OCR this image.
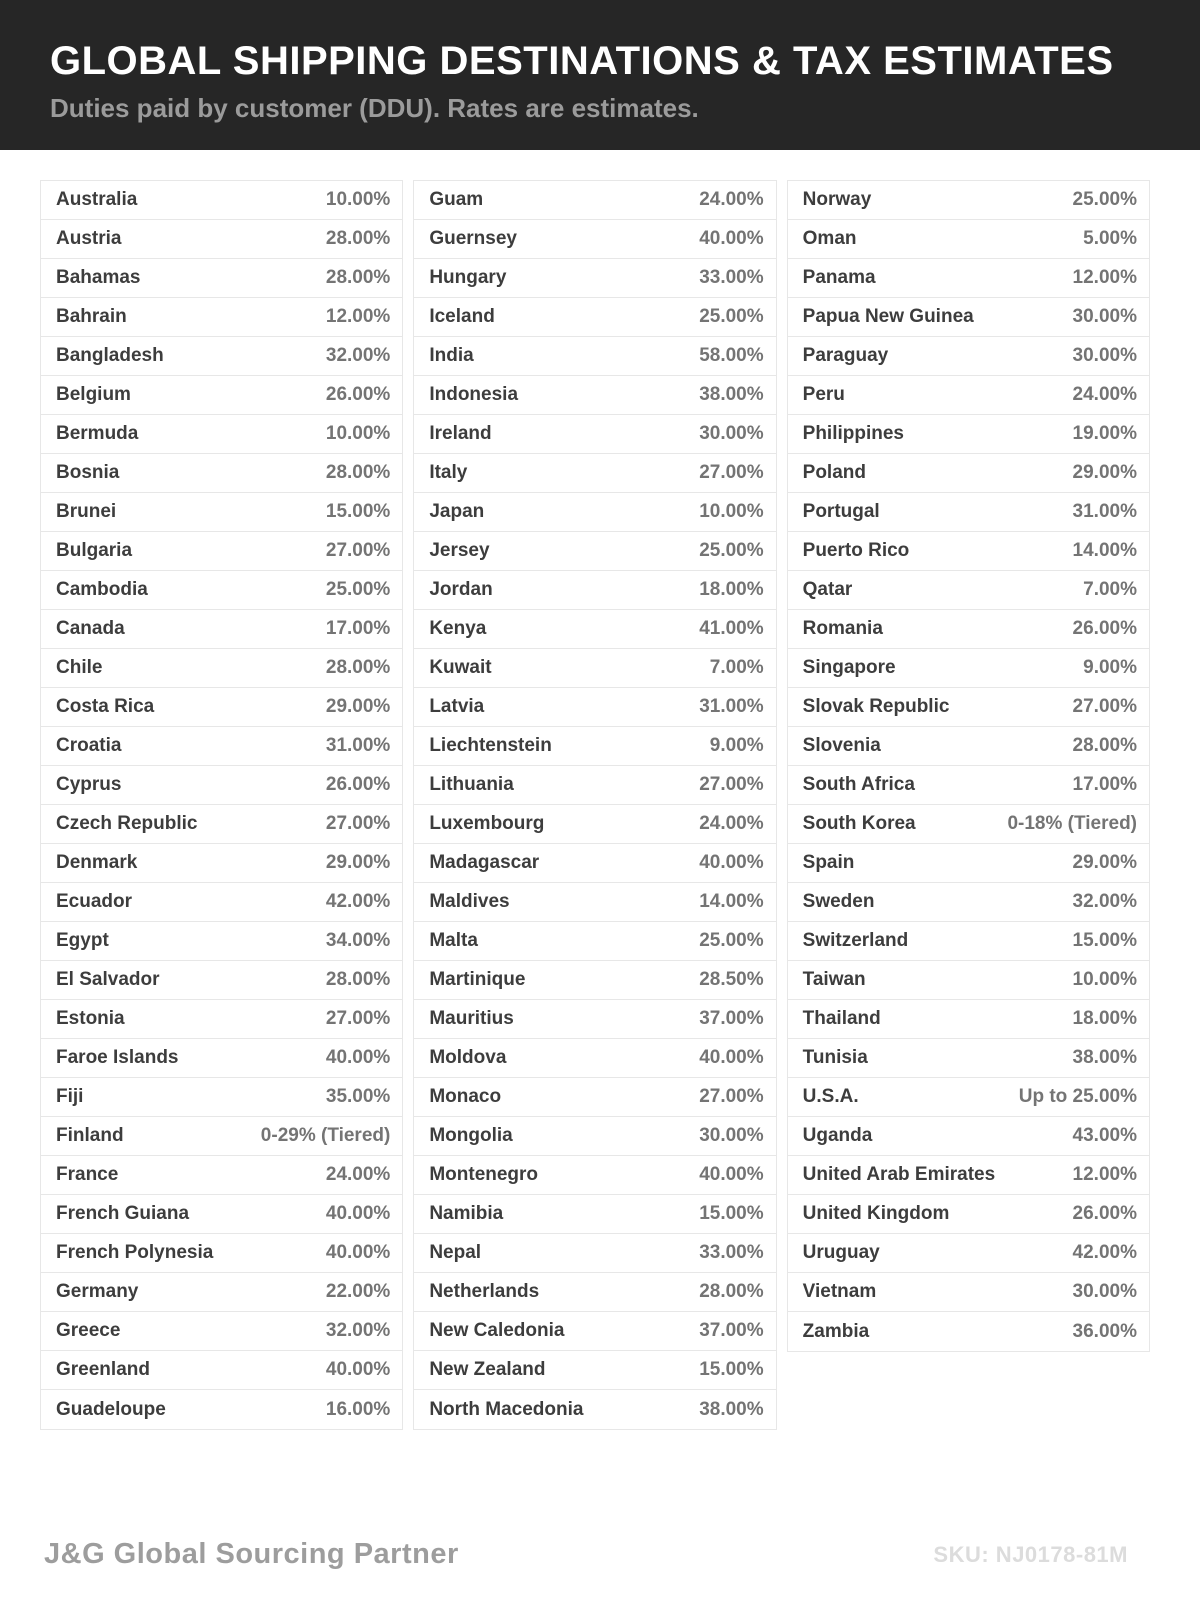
GLOBAL SHIPPING DESTINATIONS & TAX ESTIMATES
Duties paid by customer (DDU). Rates are estimates.
Australia	10.00%
Austria	28.00%
Bahamas	28.00%
Bahrain	12.00%
Bangladesh	32.00%
Belgium	26.00%
Bermuda	10.00%
Bosnia	28.00%
Brunei	15.00%
Bulgaria	27.00%
Cambodia	25.00%
Canada	17.00%
Chile	28.00%
Costa Rica	29.00%
Croatia	31.00%
Cyprus	26.00%
Czech Republic	27.00%
Denmark	29.00%
Ecuador	42.00%
Egypt	34.00%
El Salvador	28.00%
Estonia	27.00%
Faroe Islands	40.00%
Fiji	35.00%
Finland	0-29% (Tiered)
France	24.00%
French Guiana	40.00%
French Polynesia	40.00%
Germany	22.00%
Greece	32.00%
Greenland	40.00%
Guadeloupe	16.00%
Guam	24.00%
Guernsey	40.00%
Hungary	33.00%
Iceland	25.00%
India	58.00%
Indonesia	38.00%
Ireland	30.00%
Italy	27.00%
Japan	10.00%
Jersey	25.00%
Jordan	18.00%
Kenya	41.00%
Kuwait	7.00%
Latvia	31.00%
Liechtenstein	9.00%
Lithuania	27.00%
Luxembourg	24.00%
Madagascar	40.00%
Maldives	14.00%
Malta	25.00%
Martinique	28.50%
Mauritius	37.00%
Moldova	40.00%
Monaco	27.00%
Mongolia	30.00%
Montenegro	40.00%
Namibia	15.00%
Nepal	33.00%
Netherlands	28.00%
New Caledonia	37.00%
New Zealand	15.00%
North Macedonia	38.00%
Norway	25.00%
Oman	5.00%
Panama	12.00%
Papua New Guinea	30.00%
Paraguay	30.00%
Peru	24.00%
Philippines	19.00%
Poland	29.00%
Portugal	31.00%
Puerto Rico	14.00%
Qatar	7.00%
Romania	26.00%
Singapore	9.00%
Slovak Republic	27.00%
Slovenia	28.00%
South Africa	17.00%
South Korea	0-18% (Tiered)
Spain	29.00%
Sweden	32.00%
Switzerland	15.00%
Taiwan	10.00%
Thailand	18.00%
Tunisia	38.00%
U.S.A.	Up to 25.00%
Uganda	43.00%
United Arab Emirates	12.00%
United Kingdom	26.00%
Uruguay	42.00%
Vietnam	30.00%
Zambia	36.00%
J&G Global Sourcing Partner	SKU: NJ0178-81M
